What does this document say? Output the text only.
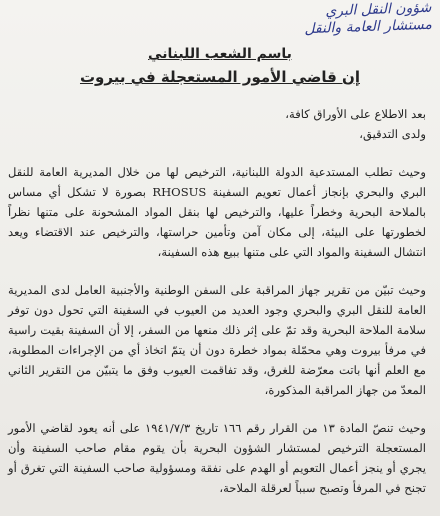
شؤون النقل البري
مستشار العامة والنقل
باسم الشعب اللبناني
إن قاضي الأمور المستعجلة في بيروت

بعد الاطلاع على الأوراق كافة،

ولدى التدقيق،

وحيث تطلب المستدعية الدولة اللبنانية، الترخيص لها من خلال المديرية العامة للنقل البري والبحري بإنجاز أعمال تعويم السفينة RHOSUS بصورة لا تشكل أي مساس بالملاحة البحرية وخطراً عليها، والترخيص لها بنقل المواد المشحونة على متنها نظراً لخطورتها على البيئة، إلى مكان آمن وتأمين حراستها، والترخيص عند الاقتضاء ويعد انتشال السفينة والمواد التي على متنها ببيع هذه السفينة،

وحيث تبيّن من تقرير جهاز المراقبة على السفن الوطنية والأجنبية العامل لدى المديرية العامة للنقل البري والبحري وجود العديد من العيوب في السفينة التي تحول دون توفر سلامة الملاحة البحرية وقد تمّ على إثر ذلك منعها من السفر، إلا أن السفينة بقيت راسية في مرفأ بيروت وهي محمّلة بمواد خطرة دون أن يتمّ اتخاذ أي من الإجراءات المطلوبة، مع العلم أنها باتت معرّضة للغرق، وقد تفاقمت العيوب وفق ما يتبيّن من التقرير الثاني المعدّ من جهاز المراقبة المذكورة،

وحيث تنصّ المادة ١٣ من القرار رقم ١٦٦ تاريخ ١٩٤١/٧/٣ على أنه يعود لقاضي الأمور المستعجلة الترخيص لمستشار الشؤون البحرية بأن يقوم مقام صاحب السفينة وأن يجري أو ينجز أعمال التعويم أو الهدم على نفقة ومسؤولية صاحب السفينة التي تغرق أو تجنح في المرفأ وتصبح سبباً لعرقلة الملاحة،
